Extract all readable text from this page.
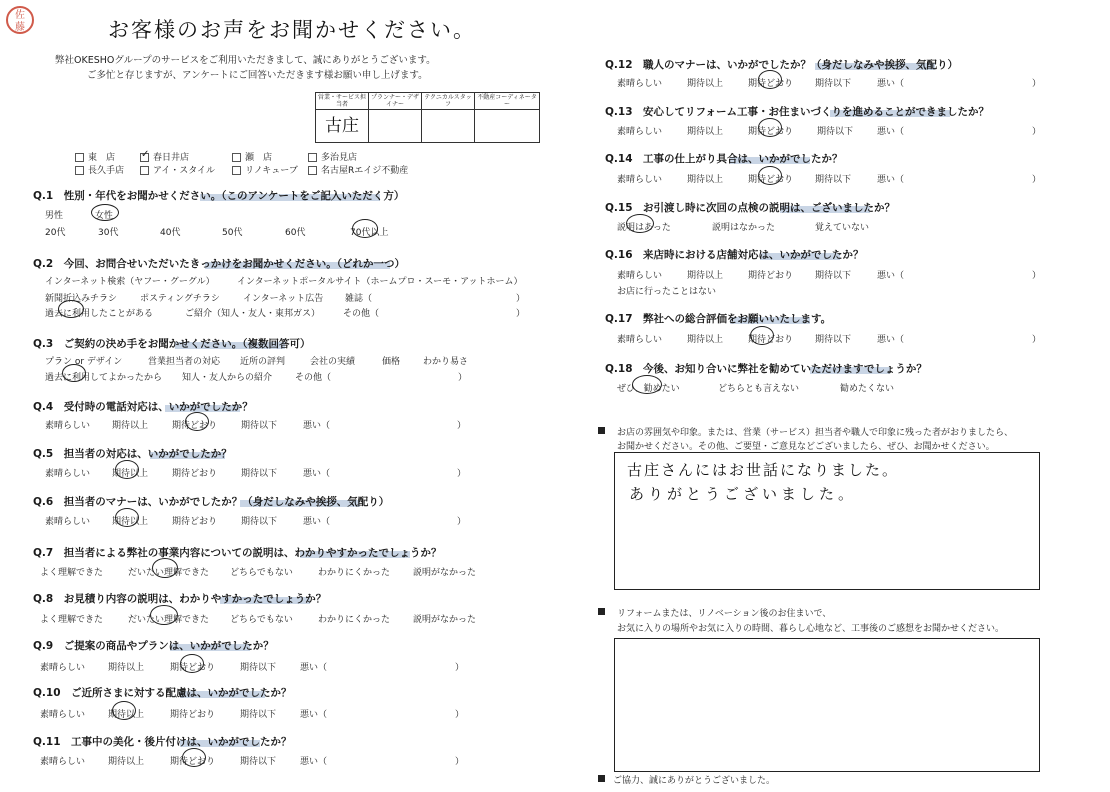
佐藤	お客様のお声をお聞かせください。
弊社OKESHOグループのサービスをご利用いただきまして、誠にありがとうございます。
ご多忙と存じますが、アンケートにご回答いただきます様お願い申し上げます。
営業・サービス担当者	プランナー・デザイナー	テクニカルスタッフ	不動産コーディネーター
古庄			
東　店	✓ 春日井店	瀬　店	多治見店
長久手店	アイ・スタイル	リノキューブ	名古屋Rエイジ不動産
Q.1　性別・年代をお聞かせください。（このアンケートをご記入いただく方）
男性	女性
20代	30代	40代	50代	60代	70代以上
Q.2　今回、お問合せいただいたきっかけをお聞かせください。（どれか一つ）
インターネット検索（ヤフー・グーグル） インターネットポータルサイト（ホームプロ・スーモ・アットホーム）
新聞折込みチラシ	ポスティングチラシ	インターネット広告 雑誌（	）
過去に利用したことがある	ご紹介（知人・友人・東邦ガス）	その他（	）
Q.3　ご契約の決め手をお聞かせください。（複数回答可）
プラン or デザイン	営業担当者の対応 近所の評判	会社の実績	価格	わかり易さ
過去に利用してよかったから 知人・友人からの紹介	その他（	）
Q.4　受付時の電話対応は、いかがでしたか？
素晴らしい 期待以上	期待どおり	期待以下	悪い（	）
Q.5　担当者の対応は、いかがでしたか？
素晴らしい 期待以上	期待どおり	期待以下	悪い（	）
Q.6　担当者のマナーは、いかがでしたか？（身だしなみや挨拶、気配り）
素晴らしい 期待以上	期待どおり	期待以下	悪い（	）
Q.7　担当者による弊社の事業内容についての説明は、わかりやすかったでしょうか？
よく理解できた	だいたい理解できた どちらでもない	わかりにくかった	説明がなかった
Q.8　お見積り内容の説明は、わかりやすかったでしょうか？
よく理解できた	だいたい理解できた どちらでもない	わかりにくかった	説明がなかった
Q.9　ご提案の商品やプランは、いかがでしたか？
素晴らしい	期待以上	期待どおり	期待以下	悪い（	）
Q.10　ご近所さまに対する配慮は、いかがでしたか？
素晴らしい	期待以上	期待どおり	期待以下	悪い（	）
Q.11　工事中の美化・後片付けは、いかがでしたか？
素晴らしい	期待以上	期待どおり	期待以下	悪い（	）
Q.12　職人のマナーは、いかがでしたか？（身だしなみや挨拶、気配り）
素晴らしい	期待以上	期待どおり 期待以下	悪い（	）
Q.13　安心してリフォーム工事・お住まいづくりを進めることができましたか？
素晴らしい	期待以上	期待どおり	期待以下	悪い（	）
Q.14　工事の仕上がり具合は、いかがでしたか？
素晴らしい	期待以上	期待どおり 期待以下	悪い（	）
Q.15　お引渡し時に次回の点検の説明は、ございましたか？
説明はあった	説明はなかった	覚えていない
Q.16　来店時における店舗対応は、いかがでしたか？
素晴らしい	期待以上	期待どおり 期待以下	悪い（	）
お店に行ったことはない
Q.17　弊社への総合評価をお願いいたします。
素晴らしい	期待以上	期待どおり 期待以下	悪い（	）
Q.18　今後、お知り合いに弊社を勧めていただけますでしょうか？
ぜひ、勧めたい	どちらとも言えない	勧めたくない
お店の雰囲気や印象。または、営業（サービス）担当者や職人で印象に残った者がおりましたら、
お聞かせください。その他、ご要望・ご意見などございましたら、ぜひ、お聞かせください。
古庄さんにはお世話になりました。
ありがとうございました。
リフォームまたは、リノベーション後のお住まいで、
お気に入りの場所やお気に入りの時間、暮らし心地など、工事後のご感想をお聞かせください。
ご協力、誠にありがとうございました。
